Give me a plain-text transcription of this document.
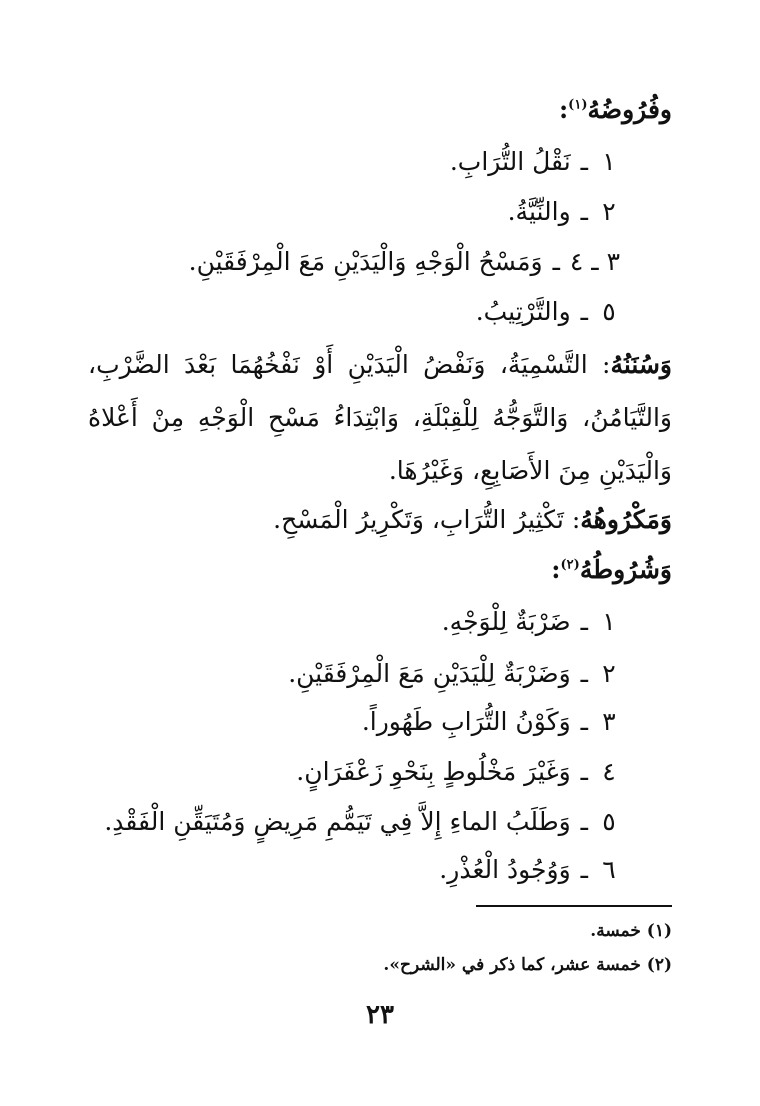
وفُرُوضُهُ$^{(١)}$:
١ـنَقْلُ التُّرَابِ.
٢ـوالنِّيَّةُ.
٣ ـ ٤ـوَمَسْحُ الْوَجْهِ وَالْيَدَيْنِ مَعَ الْمِرْفَقَيْنِ.
٥ـوالتَّرْتِيبُ.
وَسُنَنُهُ: التَّسْمِيَةُ، وَنَفْضُ الْيَدَيْنِ أَوْ نَفْخُهُمَا بَعْدَ الضَّرْبِ، وَالتَّيَامُنُ، وَالتَّوَجُّهُ لِلْقِبْلَةِ، وَابْتِدَاءُ مَسْحِ الْوَجْهِ مِنْ أَعْلاهُ وَالْيَدَيْنِ مِنَ الأَصَابِعِ، وَغَيْرُهَا.
وَمَكْرُوهُهُ: تَكْثِيرُ التُّرَابِ، وَتَكْرِيرُ الْمَسْحِ.
وَشُرُوطُهُ$^{(٢)}$:
١ـضَرْبَةٌ لِلْوَجْهِ.
٢ـوَضَرْبَةٌ لِلْيَدَيْنِ مَعَ الْمِرْفَقَيْنِ.
٣ـوَكَوْنُ التُّرَابِ طَهُوراً.
٤ـوَغَيْرَ مَخْلُوطٍ بِنَحْوِ زَعْفَرَانٍ.
٥ـوَطَلَبُ الماءِ إِلاَّ فِي تَيَمُّمِ مَرِيضٍ وَمُتَيَقِّنِ الْفَقْدِ.
٦ـوَوُجُودُ الْعُذْرِ.
(١) خمسة.
(٢) خمسة عشر، كما ذكر في «الشرح».
٢٣
